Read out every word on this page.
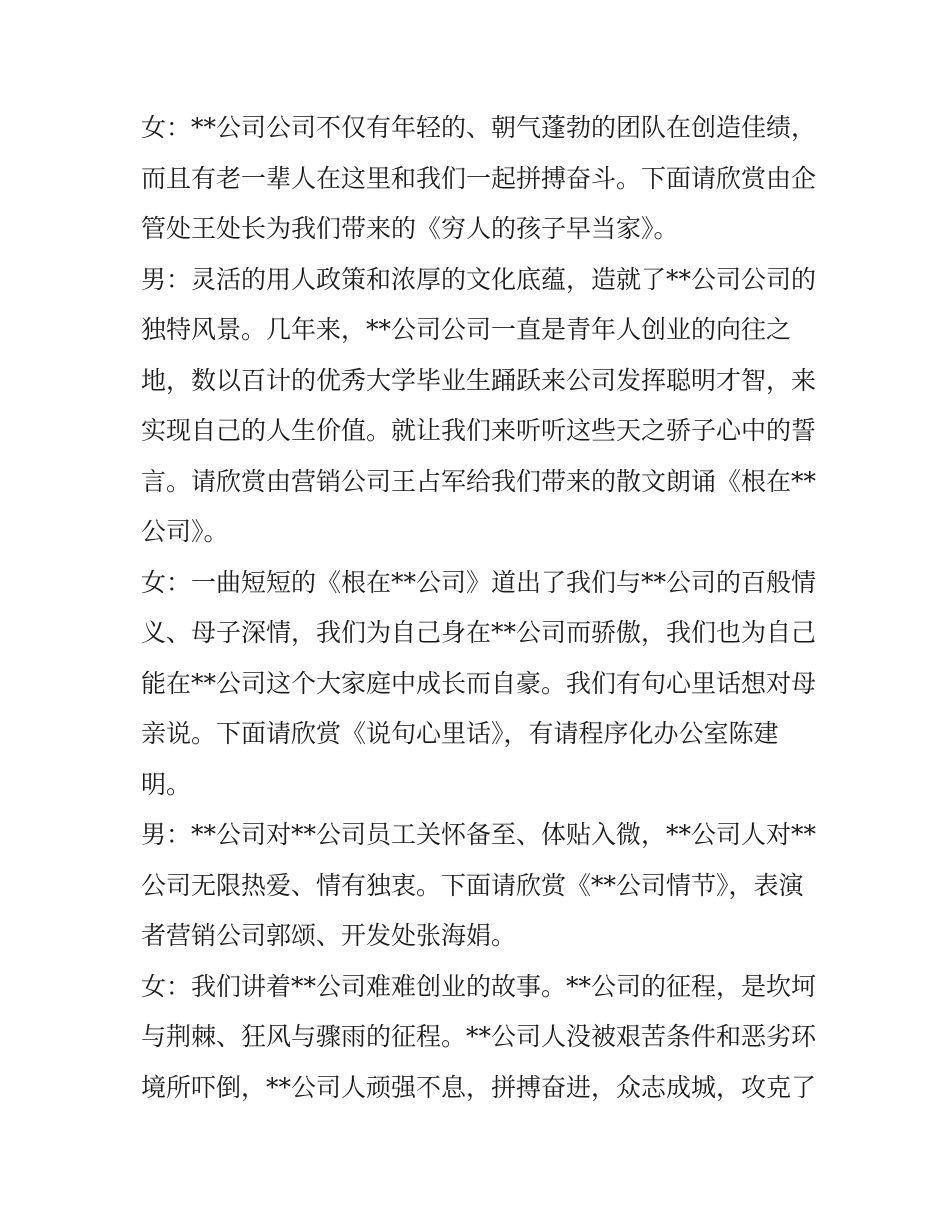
女：**公司公司不仅有年轻的、朝气蓬勃的团队在创造佳绩，
而且有老一辈人在这里和我们一起拼搏奋斗。下面请欣赏由企
管处王处长为我们带来的《穷人的孩子早当家》。
男：灵活的用人政策和浓厚的文化底蕴，造就了**公司公司的
独特风景。几年来，**公司公司一直是青年人创业的向往之
地，数以百计的优秀大学毕业生踊跃来公司发挥聪明才智，来
实现自己的人生价值。就让我们来听听这些天之骄子心中的誓
言。请欣赏由营销公司王占军给我们带来的散文朗诵《根在**
公司》。
女：一曲短短的《根在**公司》道出了我们与**公司的百般情
义、母子深情，我们为自己身在**公司而骄傲，我们也为自己
能在**公司这个大家庭中成长而自豪。我们有句心里话想对母
亲说。下面请欣赏《说句心里话》，有请程序化办公室陈建
明。
男：**公司对**公司员工关怀备至、体贴入微，**公司人对**
公司无限热爱、情有独衷。下面请欣赏《**公司情节》，表演
者营销公司郭颂、开发处张海娟。
女：我们讲着**公司难难创业的故事。**公司的征程，是坎坷
与荆棘、狂风与骤雨的征程。**公司人没被艰苦条件和恶劣环
境所吓倒，**公司人顽强不息，拼搏奋进，众志成城，攻克了
